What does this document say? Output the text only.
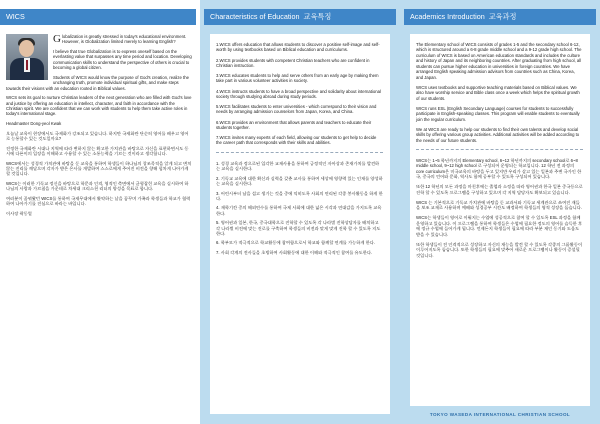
WICS

Globalization is greatly stressed in today's educational environment. However, is Globalization limited merely to learning English?

I believe that true Globalization is to express oneself based on the everlasting value that surpasses any time period and location. Developing communication skills to understand the perspective of others is crucial to becoming a global citizen.

Students of WICS would know the purpose of God's creation, realize the unchanging truth, promote individual spiritual gifts, and make steps towards their visions with an education rooted in Biblical values.

WICS sets its goal to nurture Christian leaders of the next generation who are filled with God's love and justice by offering an education in intellect, character, and faith in accordance with the Christian spirit. We are confident that we can work with students to help them take active roles in today's international stage.

Headmaster Dong-yeol Kwak

오늘날 교육이 현장에서도 국제화가 강조되고 있습니다. 하지만 국제화란 단순히 영어를 배우고 영어로 능통할수 있는 것도일까요?

진정한 국제화란 시대나 지역에 따라 변하지 않는 확고한 가치관을 바탕으로 자신을 표현하면서도 동시에 다른이의 입장을 이해하고 수용할 수 있는 소통능력을 기르는 것이라고 생각합니다.

WICS에서는 성경적 가치관에 바탕을 둔 교육을 통하여 학생들이 하나님의 창조목적을 알게 되고 변치않는 진리를 깨달으며 각자가 받은 은사를 개발하여 스스로에게 주어진 비전을 향해 힘차게 나아가게 할 것입니다.

WICS는 이러한 기독교 정신을 바탕으로 학문과 인격, 영적인 측면에서 균형잡힌 교육을 실시하여 하나님의 사랑과 가르침을 가운데로 차세대 크리스천 리더의 양성을 목표로 합니다.

여러분이 꿈꿔왔던 WICS를 통하여 국제무대에서 활약하는 날을 꿈꾸며 가족과 학생들과 학교가 협력하여 나아가기를 진심으로 바라는 바입니다.

이사장 곽동열

Characteristics of Education 교육특징
1.WICS offers education that allows students to discover a positive self-image and self-worth by using textbooks based on Biblical education and curriculums.
2.WICS provides students with competent Christian teachers who are confident in Christian instruction.
3.WICS educates students to help and serve others from an early age by making them take part in various volunteer activities in society.
4.WICS instructs students to have a broad perspective and solidarity about international society through studying abroad during study periods.
5.WICS facilitates students to enter universities - which correspond to their vision and needs by arranging admission counselors from Japan, Korea, and China.
6.WICS provides an environment that allows parents and teachers to educate their students together.
7.WICS invites many experts of each field, allowing our students to get help to decide the career path that corresponds with their skills and abilities.
1. 성경 교육과 정으로된 입각한 교재사용을 통하여 긍정적인 자아상과 존재가치를 발견하는 교육을 실시한다.
2. 기독교 교육에 대한 확신과 실력을 갖춘 교사를 통하여 세상에 영향력 있는 인재를 양성하는 교육을 실시한다.
3. 어린시부터 남을 섬고 생기는 것을 중에 익히도록 사회의 연리된 각종 봉사활동을 하게 한다.
4. 재학기간 중의 해외연수를 통하여 국제 사회에 대한 넓은 시각과 연대감을 가지도록 교육한다.
5. 영어권과 일본, 한국, 중국대학으로 진학할 수 있도록 각 나라별 진학상담자를 배치하고 각 나라별 비전에 맞는 진로를 구축하여 학생들의 비전과 맞게 맞게 진학 할 수 있도록 지도한다.
6. 학부모가 적극적으로 학교활동에 참여함으로서 학교와 함께할 연계를 가능하게 한다.
7. 사회 각계의 전사들을 초빙하여 사회활동에 대한 이해와 적극적인 참여를 유도한다.
Academics Introduction 교육과정

The Elementary school of WICS consists of grades 1-5 and the secondary school 6-12, which is structured around a 6-8 grade middle school and a 9-12 grade high school. The curriculum of WICS is based on American education standards and includes the culture and history of Japan and its neighboring countries. After graduating from high school, all students can pursue higher education in universities in foreign countries. We have arranged English speaking admission advisors from countries such as China, Korea, and Japan.

WICS uses textbooks and supportive teaching materials based on Biblical values. We also have worship service and Bible class once a week which helps the spiritual growth of our students.

WICS runs ESL (English Secondary Language) courses for students to successfully participate in English-speaking classes. This program will enable students to eventually join the regular curriculum.

We at WICS are ready to help our students to find their own talents and develop social skills by offering various group activities. Additional activities will be added according to the needs of our future students.

WICS는 1~5 학년까지의 Elementary school, 6~12 학년까지의 secondary school로 6~8 middle school, 9~12 high school 로 구성되어 운영되는 학교입니다. 12 학년 전 과정의 core curriculum은 미국교육의 바탕을 두고 있지만 우리가 살고 있는 일본과 주변 국가인 한국, 중국의 언어와 문화, 역사도 함께 공부할 수 있도록 구성되어 있습니다.

또한 12 학년의 모든 과정을 마친후에는 졸업과 소정을 따라 영어권과 한국 일본 중국등으로 진학 할 수 있도록 프로그램을 구성하고 있으며 각 지역 담당자도 확보되고 있습니다.

WICS 는 기본적으로 기독교 가치관에 바탕을 둔 교과서와 기독교 세계관으로 쓰여진 재들을 보조 교재로 사용하며 예배와 성경공부 시간도 배정하여 학생들의 영적 성장을 돕습니다.

WICS는 학생들이 영어로 이뤄지는 수업에 성공적으로 참여 할 수 있도록 ESL 과정을 함께 운영하고 있습니다. 이 프로그램을 통하여 학생들은 수업에 필요한 정도의 영어를 습득한 후에 정규 수업에 들어가게 됩니다. 언제든지 학생들이 필요에 따라 부분 재인 동기와 도움도 받을 수 있습니다.

또한 학생들이 전 인격적으로 성장하고 자신의 재능을 발견 할 수 있도록 각종의 그룹활동이 이루어지도록 돕습니다. 또한 학생들의 필요에 맞추어 새로운 프로그램이나 활동이 증설될 것입니다.

TOKYO WASEDA INTERNATIONAL CHRISTIAN SCHOOL
